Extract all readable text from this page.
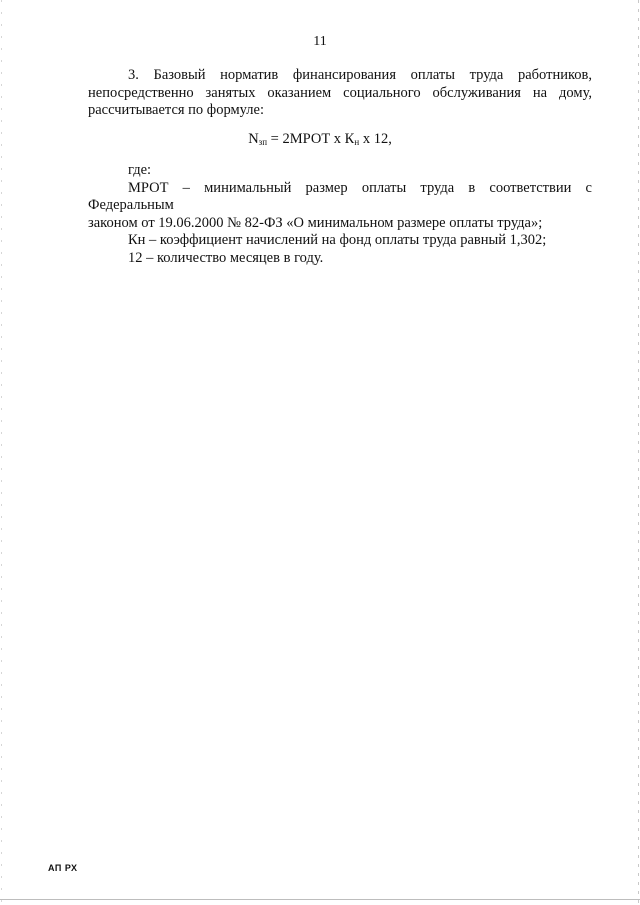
11
3. Базовый норматив финансирования оплаты труда работников, непосредственно занятых оказанием социального обслуживания на дому, рассчитывается по формуле:
$N_{зп}$ = 2МРОТ х $К_н$ х 12,
где:
МРОТ – минимальный размер оплаты труда в соответствии с Федеральным
законом от 19.06.2000 № 82-ФЗ «О минимальном размере оплаты труда»;
Кн – коэффициент начислений на фонд оплаты труда равный 1,302;
12 – количество месяцев в году.
АП РХ
